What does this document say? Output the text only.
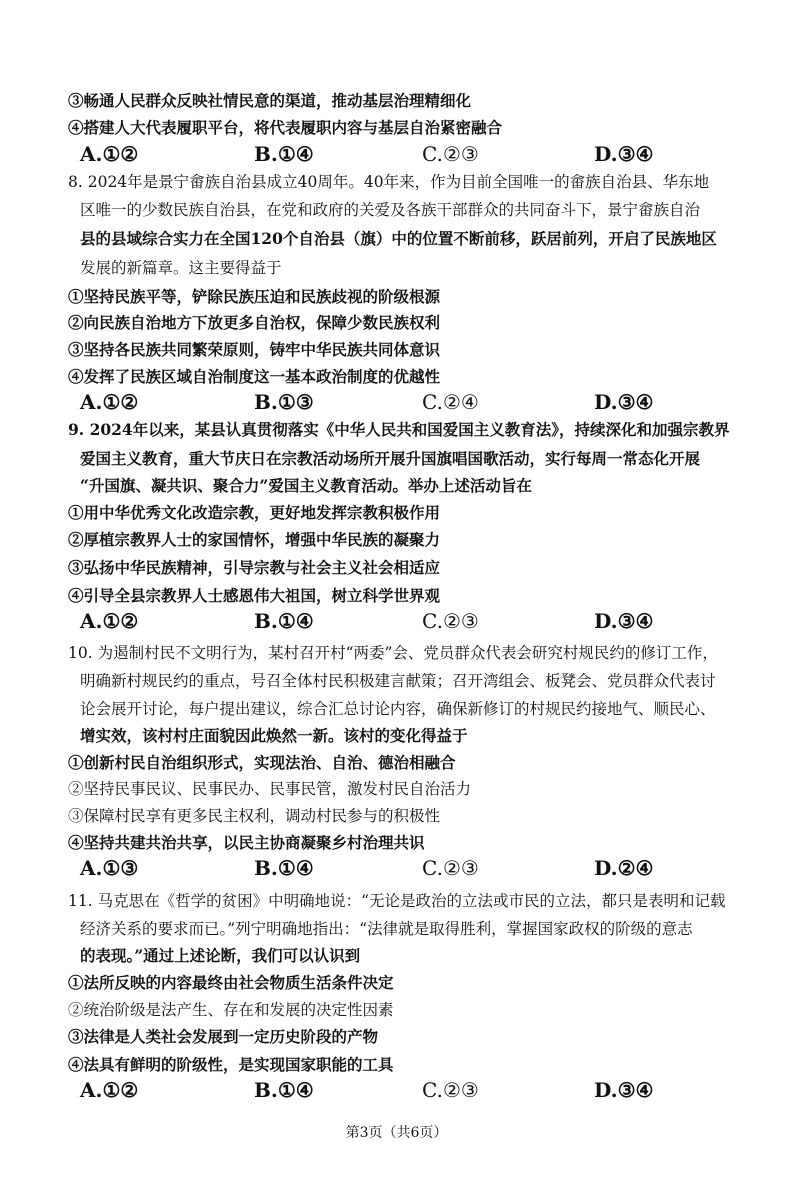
③畅通人民群众反映社情民意的渠道，推动基层治理精细化
④搭建人大代表履职平台，将代表履职内容与基层自治紧密融合
A.①②	B.①④	C.②③	D.③④
8. 2024年是景宁畲族自治县成立40周年。40年来，作为目前全国唯一的畲族自治县、华东地
区唯一的少数民族自治县，在党和政府的关爱及各族干部群众的共同奋斗下，景宁畲族自治
县的县域综合实力在全国120个自治县（旗）中的位置不断前移，跃居前列，开启了民族地区
发展的新篇章。这主要得益于
①坚持民族平等，铲除民族压迫和民族歧视的阶级根源
②向民族自治地方下放更多自治权，保障少数民族权利
③坚持各民族共同繁荣原则，铸牢中华民族共同体意识
④发挥了民族区域自治制度这一基本政治制度的优越性
A.①②	B.①③	C.②④	D.③④
9. 2024年以来，某县认真贯彻落实《中华人民共和国爱国主义教育法》，持续深化和加强宗教界
爱国主义教育，重大节庆日在宗教活动场所开展升国旗唱国歌活动，实行每周一常态化开展
“升国旗、凝共识、聚合力”爱国主义教育活动。举办上述活动旨在
①用中华优秀文化改造宗教，更好地发挥宗教积极作用
②厚植宗教界人士的家国情怀，增强中华民族的凝聚力
③弘扬中华民族精神，引导宗教与社会主义社会相适应
④引导全县宗教界人士感恩伟大祖国，树立科学世界观
A.①②	B.①④	C.②③	D.③④
10. 为遏制村民不文明行为，某村召开村“两委”会、党员群众代表会研究村规民约的修订工作，
明确新村规民约的重点，号召全体村民积极建言献策；召开湾组会、板凳会、党员群众代表讨
论会展开讨论，每户提出建议，综合汇总讨论内容，确保新修订的村规民约接地气、顺民心、
增实效，该村村庄面貌因此焕然一新。该村的变化得益于
①创新村民自治组织形式，实现法治、自治、德治相融合
②坚持民事民议、民事民办、民事民管，激发村民自治活力
③保障村民享有更多民主权利，调动村民参与的积极性
④坚持共建共治共享，以民主协商凝聚乡村治理共识
A.①③	B.①④	C.②③	D.②④
11. 马克思在《哲学的贫困》中明确地说：“无论是政治的立法或市民的立法，都只是表明和记载
经济关系的要求而已。”列宁明确地指出：“法律就是取得胜利，掌握国家政权的阶级的意志
的表现。”通过上述论断，我们可以认识到
①法所反映的内容最终由社会物质生活条件决定
②统治阶级是法产生、存在和发展的决定性因素
③法律是人类社会发展到一定历史阶段的产物
④法具有鲜明的阶级性，是实现国家职能的工具
A.①②	B.①④	C.②③	D.③④
第3页（共6页）
